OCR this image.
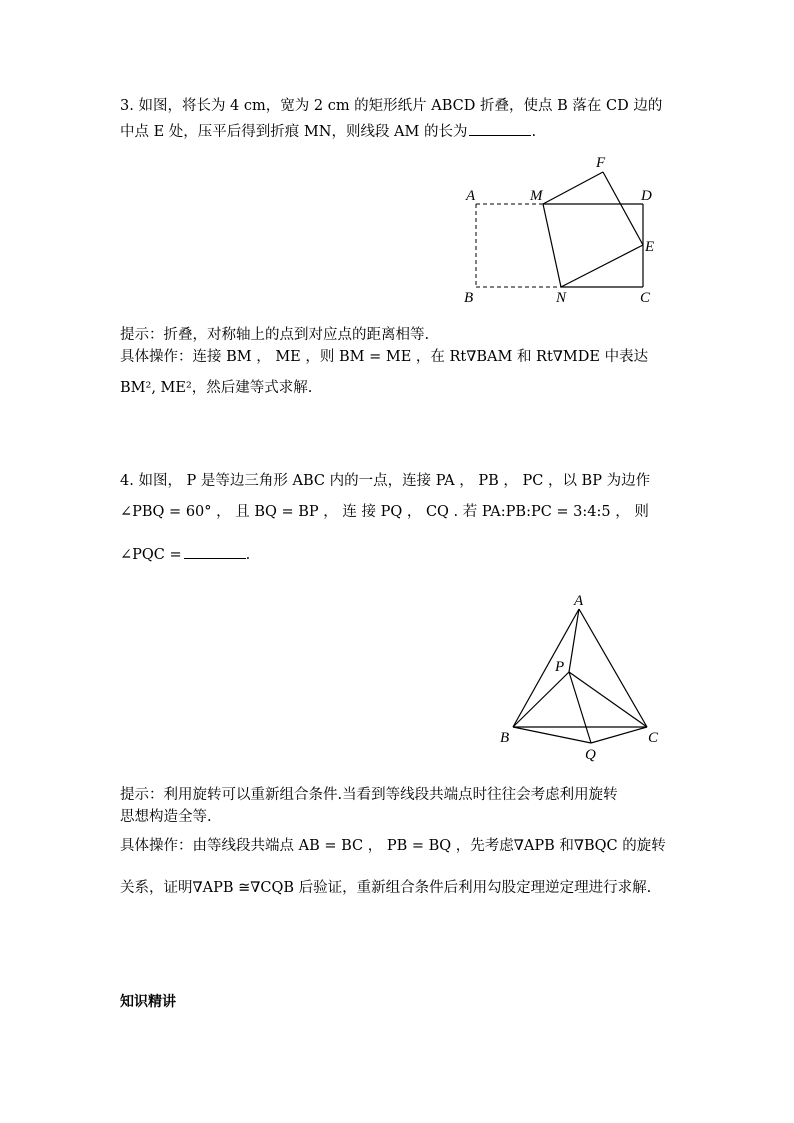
3. 如图，将长为 4 cm，宽为 2 cm 的矩形纸片 ABCD 折叠，使点 B 落在 CD 边的
中点 E 处，压平后得到折痕 MN，则线段 AM 的长为	.
A
B	C
D
E
F
M
N
提示：折叠，对称轴上的点到对应点的距离相等.
具体操作：连接 BM ， ME ，则 BM = ME ，在 Rt∇BAM 和 Rt∇MDE 中表达
BM², ME²，然后建等式求解.
4. 如图， P 是等边三角形 ABC 内的一点，连接 PA ， PB ， PC ，以 BP 为边作
∠PBQ = 60° ， 且 BQ = BP ， 连 接 PQ ， CQ . 若 PA:PB:PC = 3:4:5 ， 则
∠PQC =	.
A
B	C
P
Q
提示：利用旋转可以重新组合条件.当看到等线段共端点时往往会考虑利用旋转
思想构造全等.
具体操作：由等线段共端点 AB = BC ， PB = BQ ，先考虑∇APB 和∇BQC 的旋转
关系，证明∇APB ≅∇CQB 后验证，重新组合条件后利用勾股定理逆定理进行求解.
知识精讲
